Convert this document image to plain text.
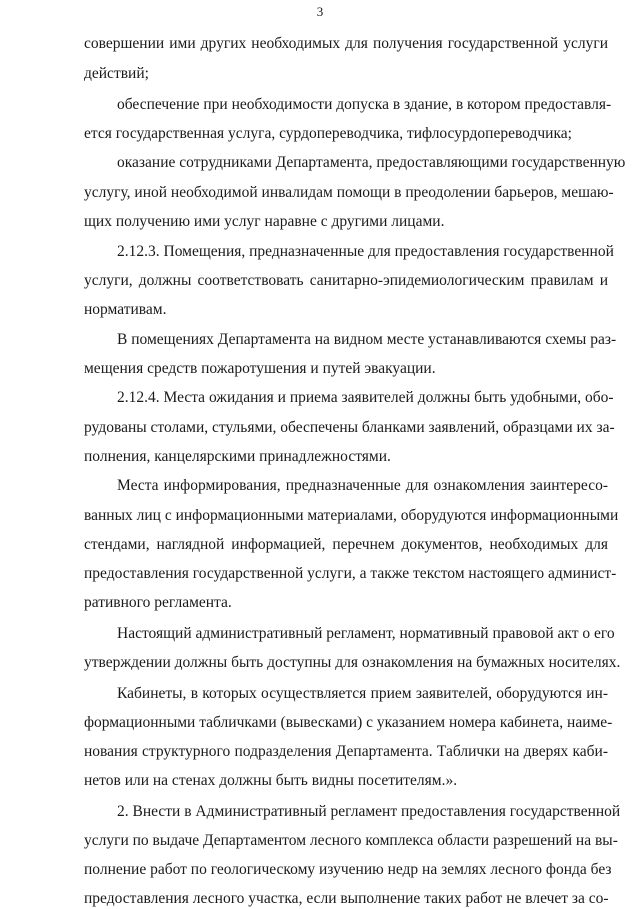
3
совершении ими других необходимых для получения государственной услуги
действий;
обеспечение при необходимости допуска в здание, в котором предоставля-
ется государственная услуга, сурдопереводчика, тифлосурдопереводчика;
оказание сотрудниками Департамента, предоставляющими государственную
услугу, иной необходимой инвалидам помощи в преодолении барьеров, мешаю-
щих получению ими услуг наравне с другими лицами.
2.12.3. Помещения, предназначенные для предоставления государственной
услуги, должны соответствовать санитарно-эпидемиологическим правилам и
нормативам.
В помещениях Департамента на видном месте устанавливаются схемы раз-
мещения средств пожаротушения и путей эвакуации.
2.12.4. Места ожидания и приема заявителей должны быть удобными, обо-
рудованы столами, стульями, обеспечены бланками заявлений, образцами их за-
полнения, канцелярскими принадлежностями.
Места информирования, предназначенные для ознакомления заинтересо-
ванных лиц с информационными материалами, оборудуются информационными
стендами, наглядной информацией, перечнем документов, необходимых для
предоставления государственной услуги, а также текстом настоящего админист-
ративного регламента.
Настоящий административный регламент, нормативный правовой акт о его
утверждении должны быть доступны для ознакомления на бумажных носителях.
Кабинеты, в которых осуществляется прием заявителей, оборудуются ин-
формационными табличками (вывесками) с указанием номера кабинета, наиме-
нования структурного подразделения Департамента. Таблички на дверях каби-
нетов или на стенах должны быть видны посетителям.».
2. Внести в Административный регламент предоставления государственной
услуги по выдаче Департаментом лесного комплекса области разрешений на вы-
полнение работ по геологическому изучению недр на землях лесного фонда без
предоставления лесного участка, если выполнение таких работ не влечет за со-
